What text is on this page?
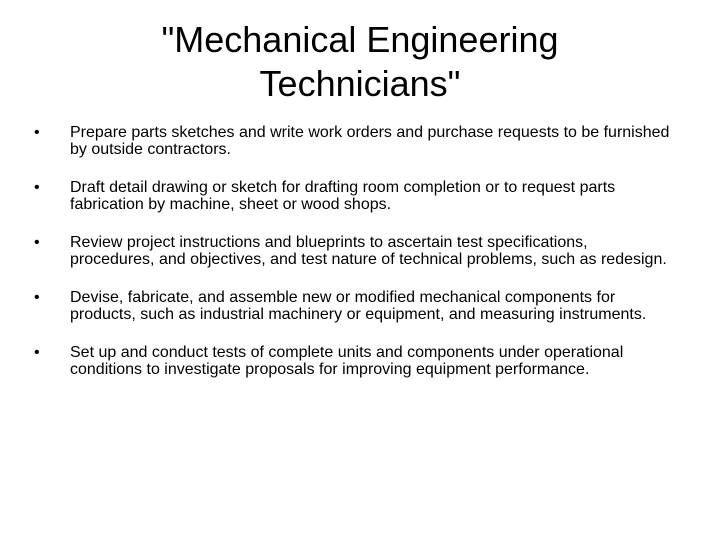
"Mechanical Engineering
Technicians"
• Prepare parts sketches and write work orders and purchase requests to be furnished by outside contractors.
• Draft detail drawing or sketch for drafting room completion or to request parts fabrication by machine, sheet or wood shops.
• Review project instructions and blueprints to ascertain test specifications, procedures, and objectives, and test nature of technical problems, such as redesign.
• Devise, fabricate, and assemble new or modified mechanical components for products, such as industrial machinery or equipment, and measuring instruments.
• Set up and conduct tests of complete units and components under operational conditions to investigate proposals for improving equipment performance.
